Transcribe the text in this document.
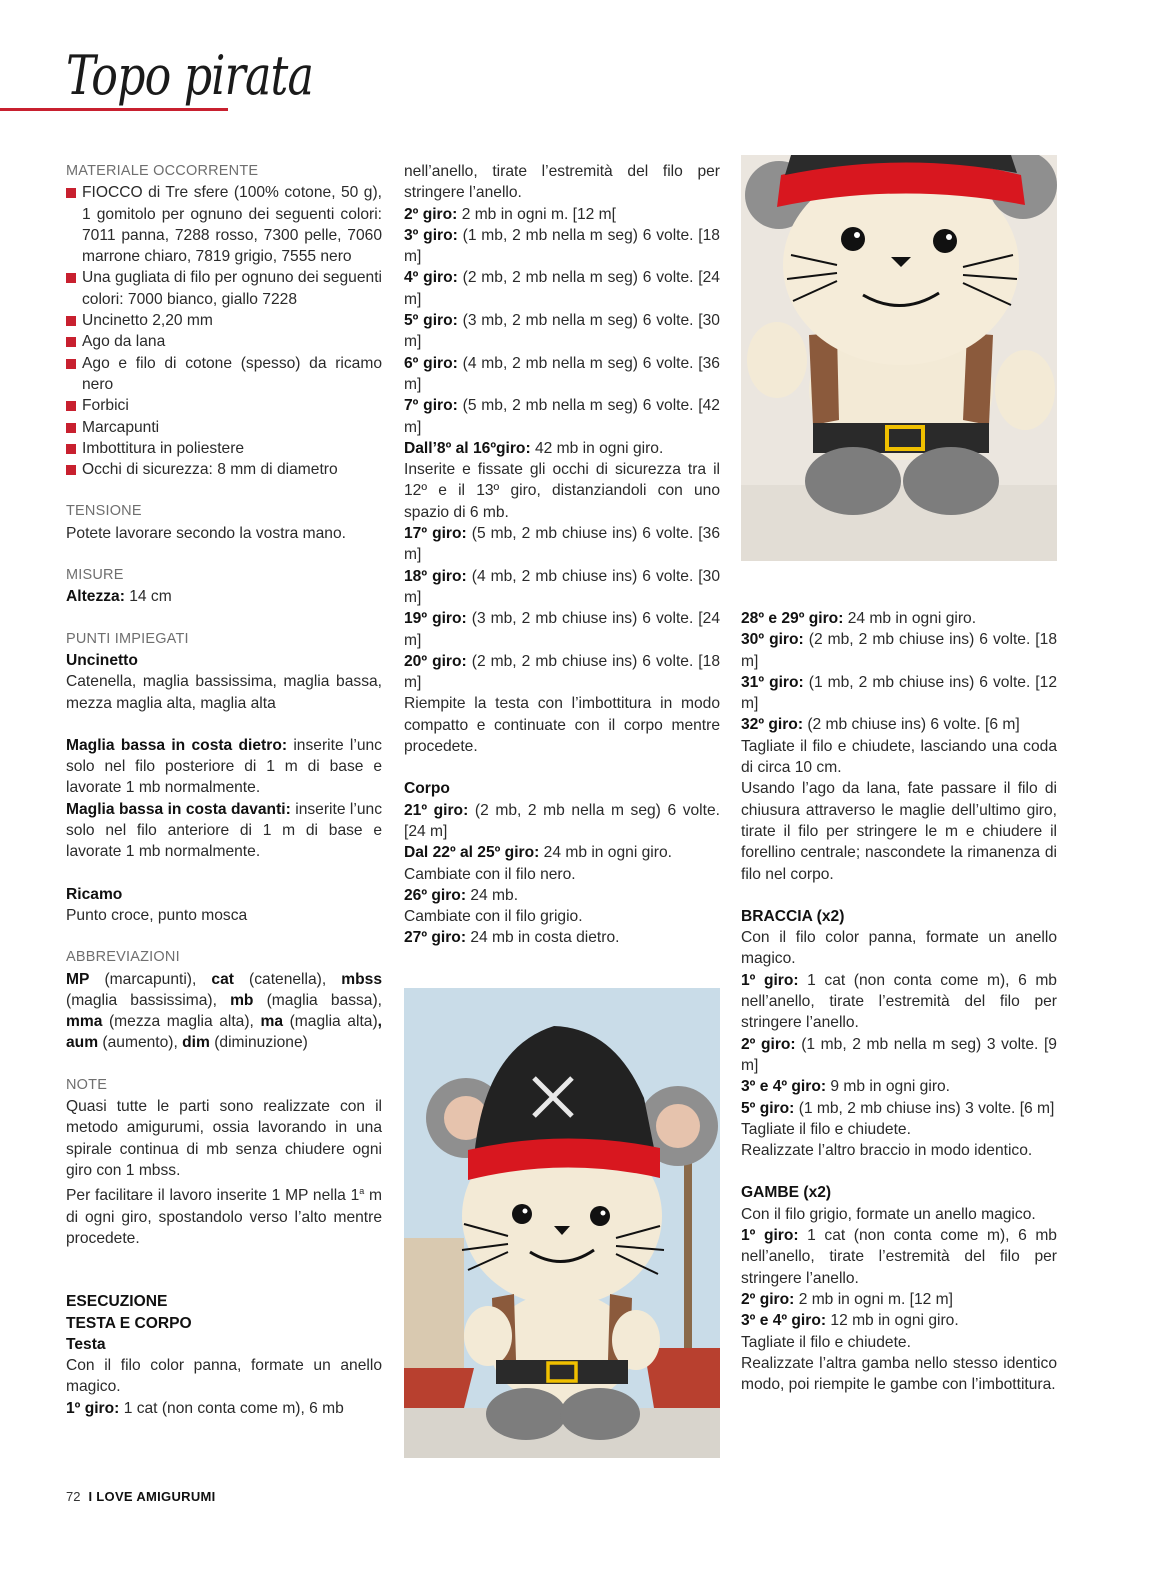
Topo pirata

MATERIALE OCCORRENTE

FIOCCO di Tre sfere (100% cotone, 50 g), 1 gomitolo per ognuno dei seguenti colori: 7011 panna, 7288 rosso, 7300 pelle, 7060 marrone chiaro, 7819 grigio, 7555 nero
Una gugliata di filo per ognuno dei seguenti colori: 7000 bianco, giallo 7228
Uncinetto 2,20 mm
Ago da lana
Ago e filo di cotone (spesso) da ricamo nero
Forbici
Marcapunti
Imbottitura in poliestere
Occhi di sicurezza: 8 mm di diametro

TENSIONE

Potete lavorare secondo la vostra mano.

MISURE

Altezza: 14 cm

PUNTI IMPIEGATI

Uncinetto

Catenella, maglia bassissima, maglia bassa, mezza maglia alta, maglia alta

Maglia bassa in costa dietro: inserite l’unc solo nel filo posteriore di 1 m di base e lavorate 1 mb normalmente.

Maglia bassa in costa davanti: inserite l’unc solo nel filo anteriore di 1 m di base e lavorate 1 mb normalmente.

Ricamo

Punto croce, punto mosca

ABBREVIAZIONI

MP (marcapunti), cat (catenella), mbss (maglia bassissima), mb (maglia bassa), mma (mezza maglia alta), ma (maglia alta), aum (aumento), dim (diminuzione)

NOTE

Quasi tutte le parti sono realizzate con il metodo amigurumi, ossia lavorando in una spirale continua di mb senza chiudere ogni giro con 1 mbss.

Per facilitare il lavoro inserite 1 MP nella 1$^a$ m di ogni giro, spostandolo verso l’alto mentre procedete.

ESECUZIONE

TESTA E CORPO

Testa

Con il filo color panna, formate un anello magico.

1º giro: 1 cat (non conta come m), 6 mb

nell’anello, tirate l’estremità del filo per stringere l’anello.

2º giro: 2 mb in ogni m. [12 m[

3º giro: (1 mb, 2 mb nella m seg) 6 volte. [18 m]

4º giro: (2 mb, 2 mb nella m seg) 6 volte. [24 m]

5º giro: (3 mb, 2 mb nella m seg) 6 volte. [30 m]

6º giro: (4 mb, 2 mb nella m seg) 6 volte. [36 m]

7º giro: (5 mb, 2 mb nella m seg) 6 volte. [42 m]

Dall’8º al 16ºgiro: 42 mb in ogni giro.

Inserite e fissate gli occhi di sicurezza tra il 12º e il 13º giro, distanziandoli con uno spazio di 6 mb.

17º giro: (5 mb, 2 mb chiuse ins) 6 volte. [36 m]

18º giro: (4 mb, 2 mb chiuse ins) 6 volte. [30 m]

19º giro: (3 mb, 2 mb chiuse ins) 6 volte. [24 m]

20º giro: (2 mb, 2 mb chiuse ins) 6 volte. [18 m]

Riempite la testa con l’imbottitura in modo compatto e continuate con il corpo mentre procedete.

Corpo

21º giro: (2 mb, 2 mb nella m seg) 6 volte. [24 m]

Dal 22º al 25º giro: 24 mb in ogni giro.

Cambiate con il filo nero.

26º giro: 24 mb.

Cambiate con il filo grigio.

27º giro: 24 mb in costa dietro.

28º e 29º giro: 24 mb in ogni giro.

30º giro: (2 mb, 2 mb chiuse ins) 6 volte. [18 m]

31º giro: (1 mb, 2 mb chiuse ins) 6 volte. [12 m]

32º giro: (2 mb chiuse ins) 6 volte. [6 m]

Tagliate il filo e chiudete, lasciando una coda di circa 10 cm.

Usando l’ago da lana, fate passare il filo di chiusura attraverso le maglie dell’ultimo giro, tirate il filo per stringere le m e chiudere il forellino centrale; nascondete la rimanenza di filo nel corpo.

BRACCIA (x2)

Con il filo color panna, formate un anello magico.

1º giro: 1 cat (non conta come m), 6 mb nell’anello, tirate l’estremità del filo per stringere l’anello.

2º giro: (1 mb, 2 mb nella m seg) 3 volte. [9 m]

3º e 4º giro: 9 mb in ogni giro.

5º giro: (1 mb, 2 mb chiuse ins) 3 volte. [6 m]

Tagliate il filo e chiudete.

Realizzate l’altro braccio in modo identico.

GAMBE (x2)

Con il filo grigio, formate un anello magico.

1º giro: 1 cat (non conta come m), 6 mb nell’anello, tirate l’estremità del filo per stringere l’anello.

2º giro: 2 mb in ogni m. [12 m]

3º e 4º giro: 12 mb in ogni giro.

Tagliate il filo e chiudete.

Realizzate l’altra gamba nello stesso identico modo, poi riempite le gambe con l’imbottitura.

72 I LOVE AMIGURUMI
